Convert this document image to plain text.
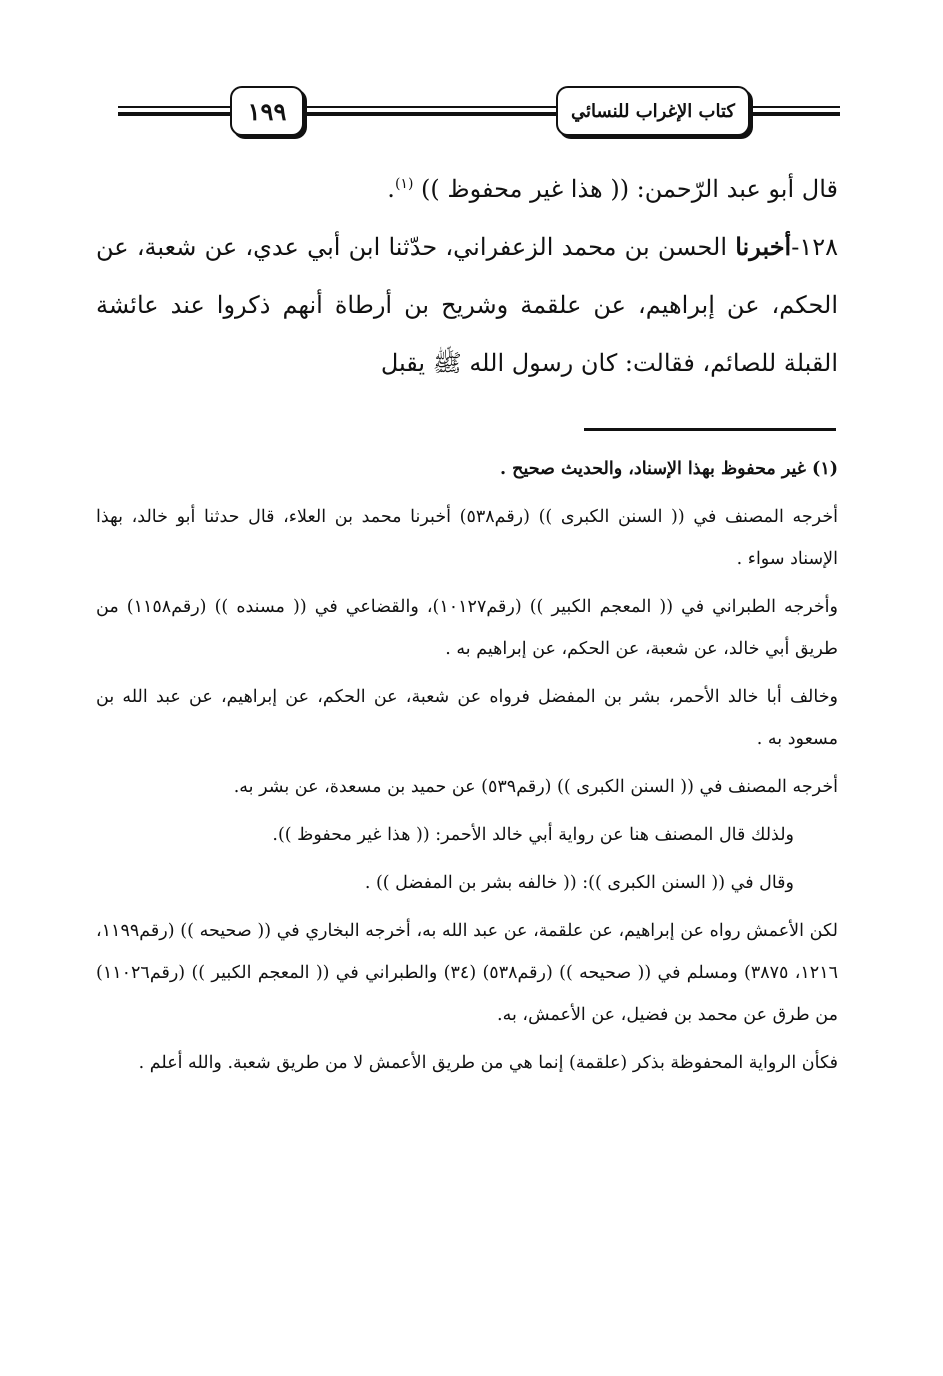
١٩٩	كتاب الإغراب للنسائي

قال أبو عبد الرّحمن: (( هذا غير محفوظ )) $^{(١)}$.

١٢٨-أخبرنا الحسن بن محمد الزعفراني، حدّثنا ابن أبي عدي، عن شعبة، عن الحكم، عن إبراهيم، عن علقمة وشريح بن أرطاة أنهم ذكروا عند عائشة القبلة للصائم، فقالت: كان رسول الله ﷺ يقبل

(١) غير محفوظ بهذا الإسناد، والحديث صحيح .

أخرجه المصنف في (( السنن الكبرى )) (رقم٥٣٨) أخبرنا محمد بن العلاء، قال حدثنا أبو خالد، بهذا الإسناد سواء .

وأخرجه الطبراني في (( المعجم الكبير )) (رقم١٠١٢٧)، والقضاعي في (( مسنده )) (رقم١١٥٨) من طريق أبي خالد، عن شعبة، عن الحكم، عن إبراهيم به .

وخالف أبا خالد الأحمر، بشر بن المفضل فرواه عن شعبة، عن الحكم، عن إبراهيم، عن عبد الله بن مسعود به .

أخرجه المصنف في (( السنن الكبرى )) (رقم٥٣٩) عن حميد بن مسعدة، عن بشر به.

ولذلك قال المصنف هنا عن رواية أبي خالد الأحمر: (( هذا غير محفوظ )).

وقال في (( السنن الكبرى )): (( خالفه بشر بن المفضل )) .

لكن الأعمش رواه عن إبراهيم، عن علقمة، عن عبد الله به، أخرجه البخاري في (( صحيحه )) (رقم١١٩٩، ١٢١٦، ٣٨٧٥) ومسلم في (( صحيحه )) (رقم٥٣٨) (٣٤) والطبراني في (( المعجم الكبير )) (رقم١١٠٢٦) من طرق عن محمد بن فضيل، عن الأعمش، به.

فكأن الرواية المحفوظة بذكر (علقمة) إنما هي من طريق الأعمش لا من طريق شعبة. والله أعلم .
